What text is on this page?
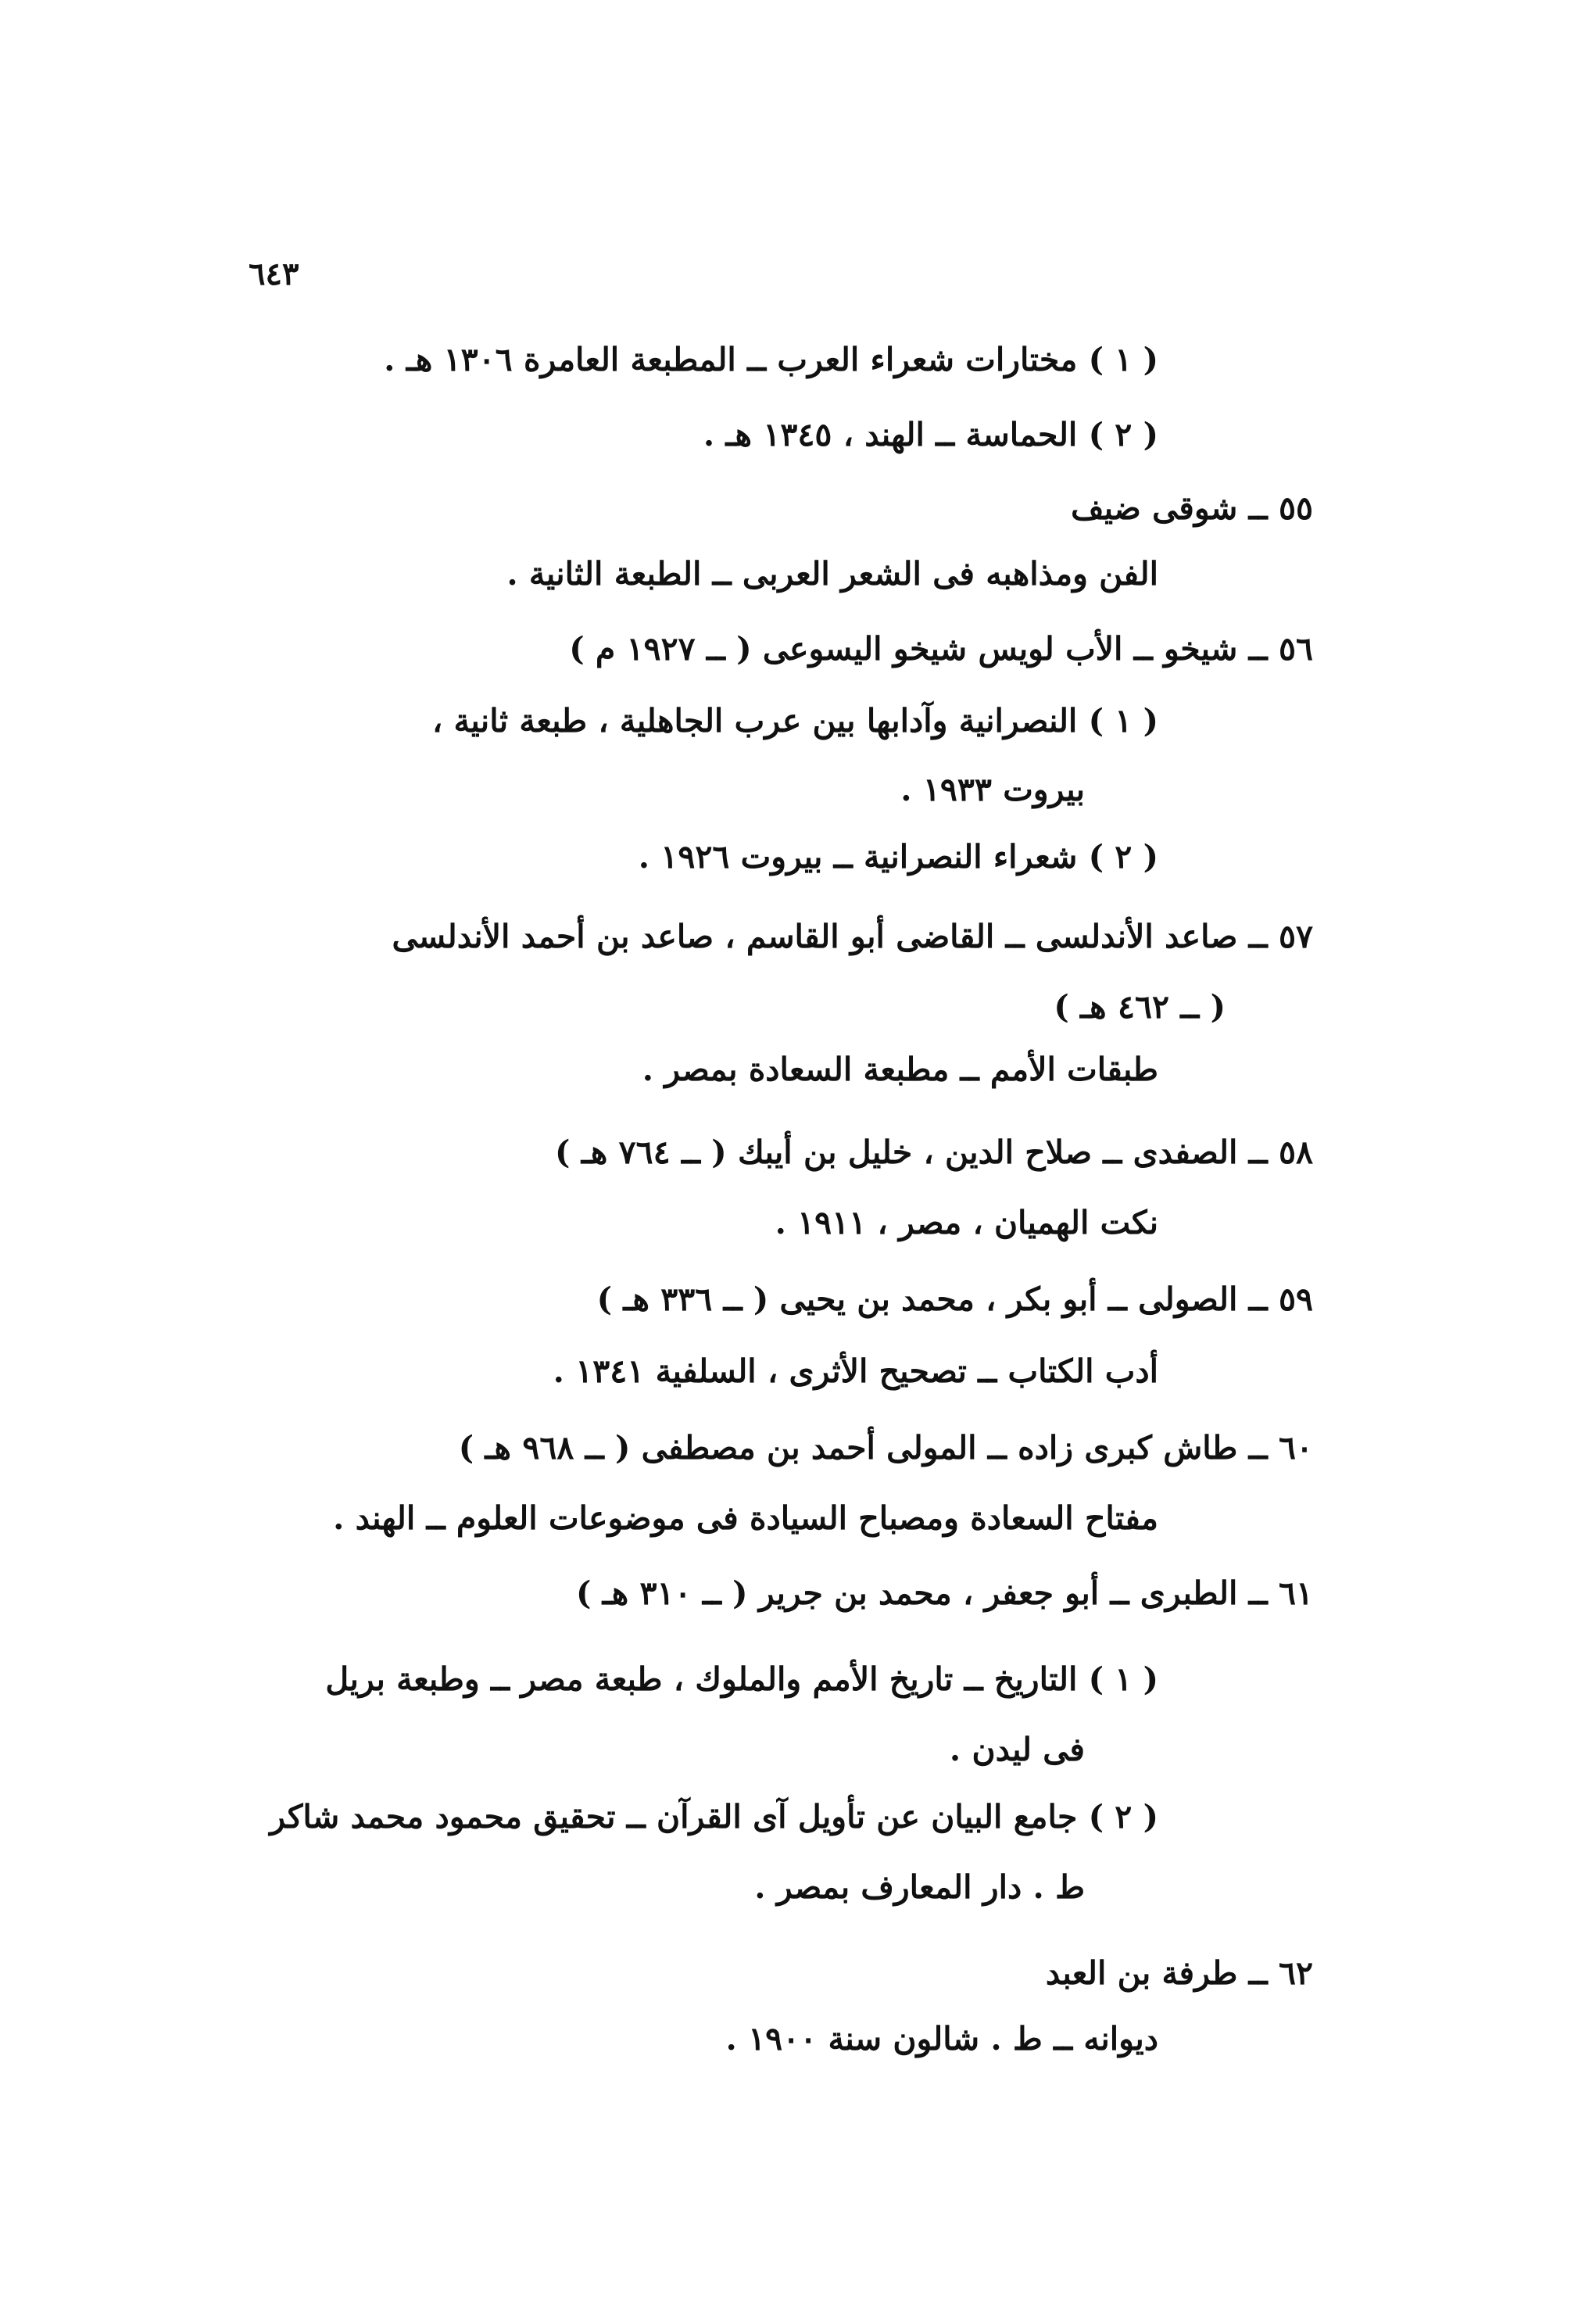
٦٤٣
( ١ ) مختارات شعراء العرب ــ المطبعة العامرة ١٣٠٦ هـ .
( ٢ ) الحماسة ــ الهند ، ١٣٤٥ هـ .
٥٥ ــ شوقى ضيف
الفن ومذاهبه فى الشعر العربى ــ الطبعة الثانية .
٥٦ ــ شيخو ــ الأب لويس شيخو اليسوعى ( ــ ١٩٢٧ م )
( ١ ) النصرانية وآدابها بين عرب الجاهلية ، طبعة ثانية ،
بيروت ١٩٣٣ .
( ٢ ) شعراء النصرانية ــ بيروت ١٩٢٦ .
٥٧ ــ صاعد الأندلسى ــ القاضى أبو القاسم ، صاعد بن أحمد الأندلسى
( ــ ٤٦٢ هـ )
طبقات الأمم ــ مطبعة السعادة بمصر .
٥٨ ــ الصفدى ــ صلاح الدين ، خليل بن أيبك ( ــ ٧٦٤ هـ )
نكت الهميان ، مصر ، ١٩١١ .
٥٩ ــ الصولى ــ أبو بكر ، محمد بن يحيى ( ــ ٣٣٦ هـ )
أدب الكتاب ــ تصحيح الأثرى ، السلفية ١٣٤١ .
٦٠ ــ طاش كبرى زاده ــ المولى أحمد بن مصطفى ( ــ ٩٦٨ هـ )
مفتاح السعادة ومصباح السيادة فى موضوعات العلوم ــ الهند .
٦١ ــ الطبرى ــ أبو جعفر ، محمد بن جرير ( ــ ٣١٠ هـ )
( ١ ) التاريخ ــ تاريخ الأمم والملوك ، طبعة مصر ــ وطبعة بريل
فى ليدن .
( ٢ ) جامع البيان عن تأويل آى القرآن ــ تحقيق محمود محمد شاكر
ط . دار المعارف بمصر .
٦٢ ــ طرفة بن العبد
ديوانه ــ ط . شالون سنة ١٩٠٠ .
